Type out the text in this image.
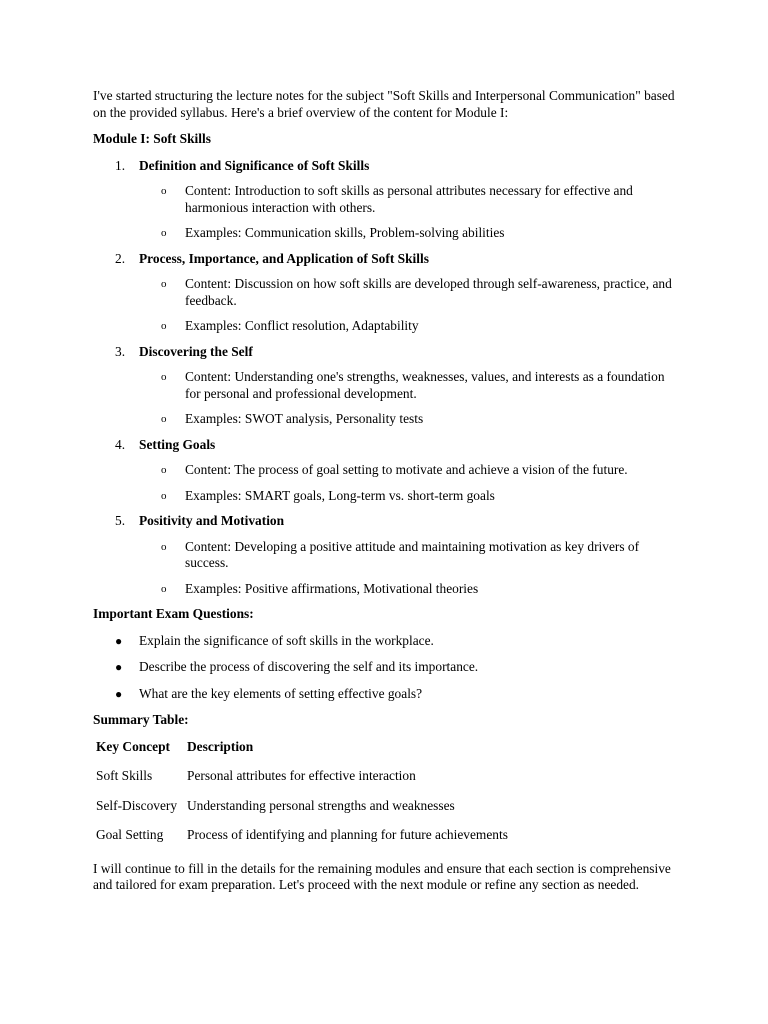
I've started structuring the lecture notes for the subject "Soft Skills and Interpersonal Communication" based on the provided syllabus. Here's a brief overview of the content for Module I:

Module I: Soft Skills

1. Definition and Significance of Soft Skills
o Content: Introduction to soft skills as personal attributes necessary for effective and harmonious interaction with others.
o Examples: Communication skills, Problem-solving abilities
2. Process, Importance, and Application of Soft Skills
o Content: Discussion on how soft skills are developed through self-awareness, practice, and feedback.
o Examples: Conflict resolution, Adaptability
3. Discovering the Self
o Content: Understanding one's strengths, weaknesses, values, and interests as a foundation for personal and professional development.
o Examples: SWOT analysis, Personality tests
4. Setting Goals
o Content: The process of goal setting to motivate and achieve a vision of the future.
o Examples: SMART goals, Long-term vs. short-term goals
5. Positivity and Motivation
o Content: Developing a positive attitude and maintaining motivation as key drivers of success.
o Examples: Positive affirmations, Motivational theories

Important Exam Questions:

● Explain the significance of soft skills in the workplace.
● Describe the process of discovering the self and its importance.
● What are the key elements of setting effective goals?

Summary Table:

Key Concept	Description
Soft Skills	Personal attributes for effective interaction
Self-Discovery	Understanding personal strengths and weaknesses
Goal Setting	Process of identifying and planning for future achievements

I will continue to fill in the details for the remaining modules and ensure that each section is comprehensive and tailored for exam preparation. Let's proceed with the next module or refine any section as needed.
